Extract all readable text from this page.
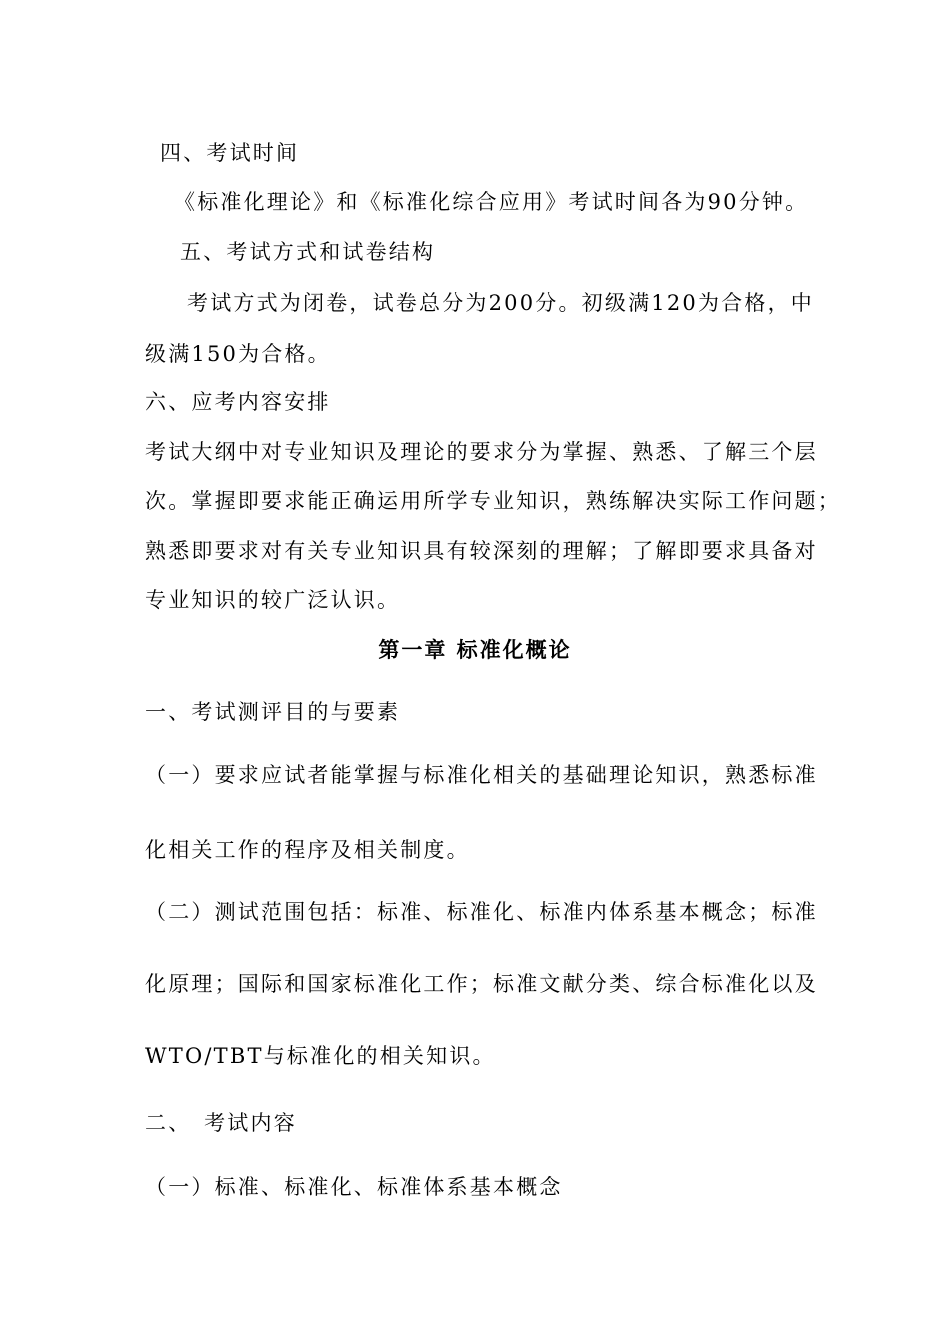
四、考试时间
《标准化理论》和《标准化综合应用》考试时间各为90分钟。
五、考试方式和试卷结构
考试方式为闭卷，试卷总分为200分。初级满120为合格，中
级满150为合格。
六、应考内容安排
考试大纲中对专业知识及理论的要求分为掌握、熟悉、了解三个层
次。掌握即要求能正确运用所学专业知识，熟练解决实际工作问题；
熟悉即要求对有关专业知识具有较深刻的理解；了解即要求具备对
专业知识的较广泛认识。
第一章 标准化概论
一、考试测评目的与要素
（一）要求应试者能掌握与标准化相关的基础理论知识，熟悉标准
化相关工作的程序及相关制度。
（二）测试范围包括：标准、标准化、标准内体系基本概念；标准
化原理；国际和国家标准化工作；标准文献分类、综合标准化以及
WTO/TBT与标准化的相关知识。
二、　考试内容
（一）标准、标准化、标准体系基本概念
